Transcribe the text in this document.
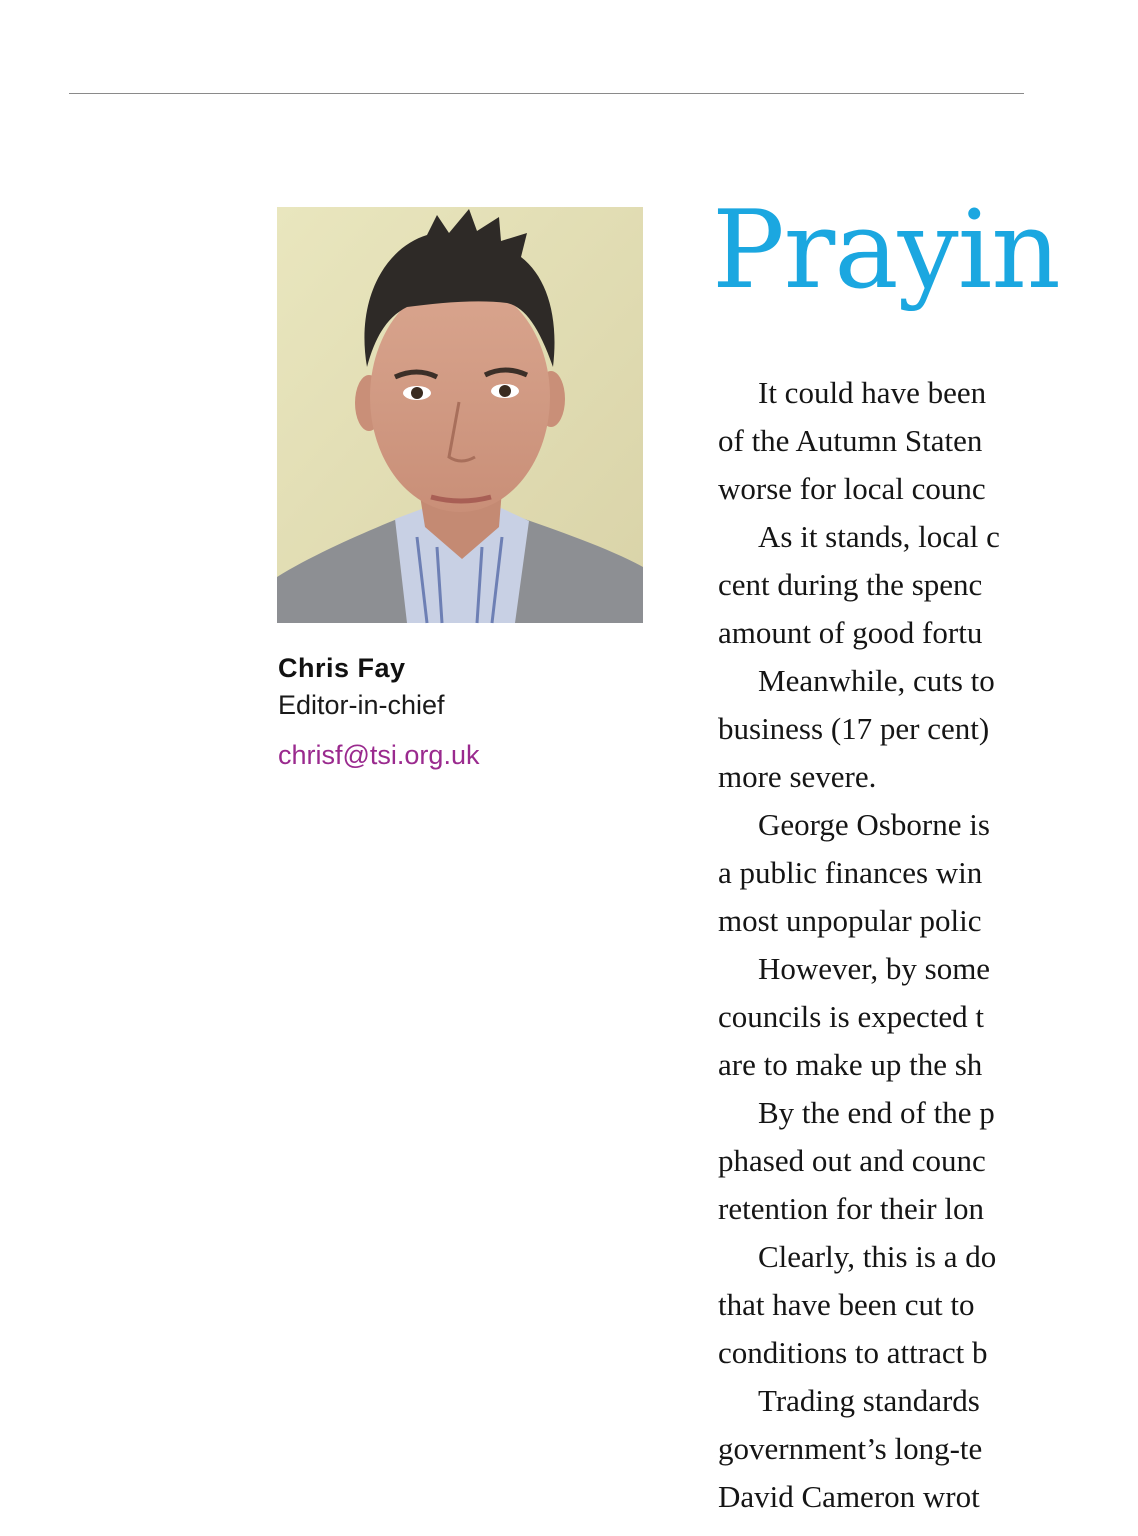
Chris Fay
Editor-in-chief
chrisf@tsi.org.uk
Prayin
It could have been
of the Autumn Staten
worse for local counc
As it stands, local c
cent during the spenc
amount of good fortu
Meanwhile, cuts to
business (17 per cent)
more severe.
George Osborne is
a public finances win
most unpopular polic
However, by some
councils is expected t
are to make up the sh
By the end of the p
phased out and counc
retention for their lon
Clearly, this is a do
that have been cut to
conditions to attract b
Trading standards
government’s long-te
David Cameron wrot
